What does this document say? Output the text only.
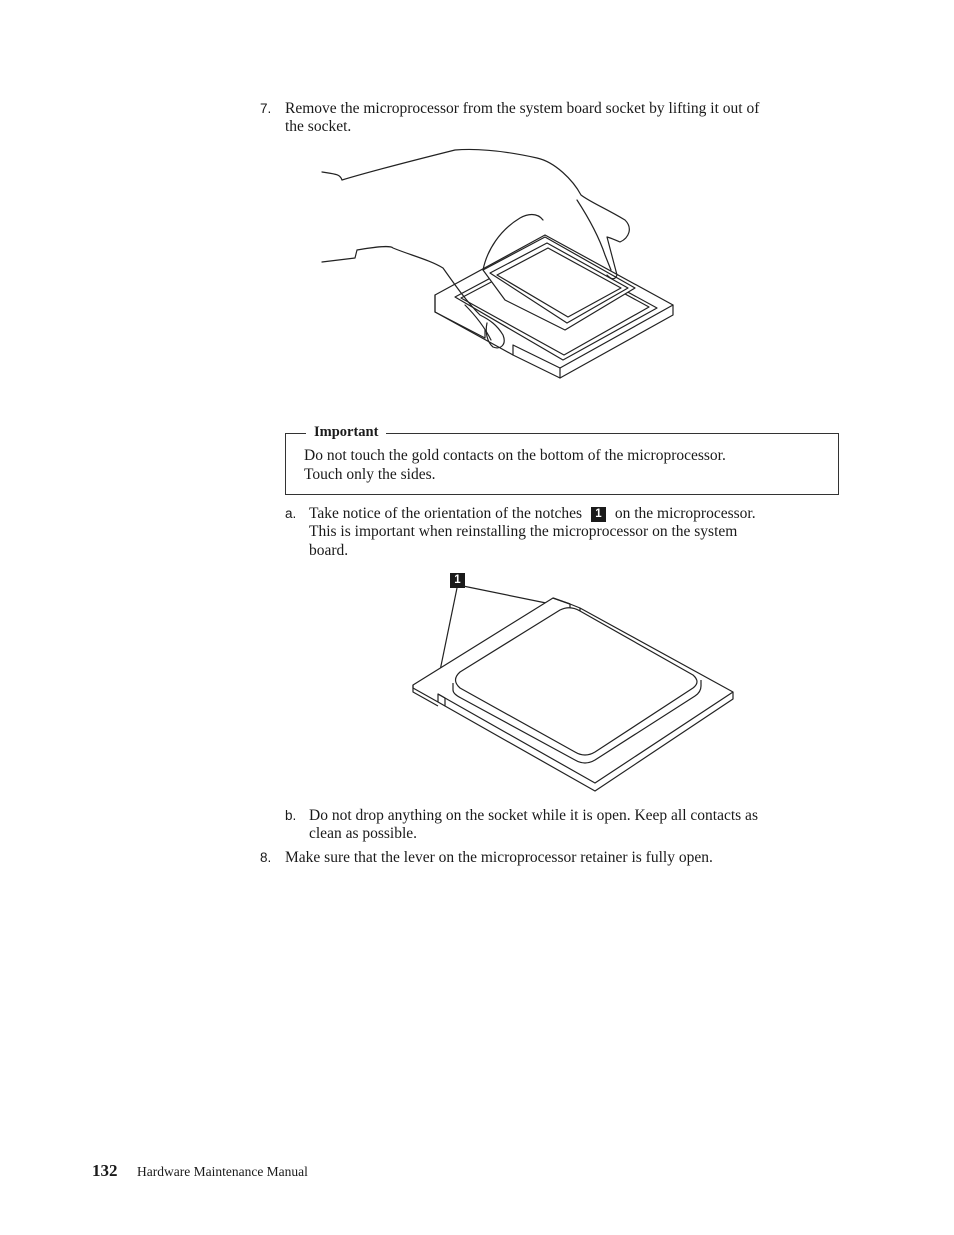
7. Remove the microprocessor from the system board socket by lifting it out of
the socket.
Important
Do not touch the gold contacts on the bottom of the microprocessor.
Touch only the sides.
a. Take notice of the orientation of the notches 1 on the microprocessor.
This is important when reinstalling the microprocessor on the system
board.
1
b. Do not drop anything on the socket while it is open. Keep all contacts as
clean as possible.
8. Make sure that the lever on the microprocessor retainer is fully open.
132 Hardware Maintenance Manual
